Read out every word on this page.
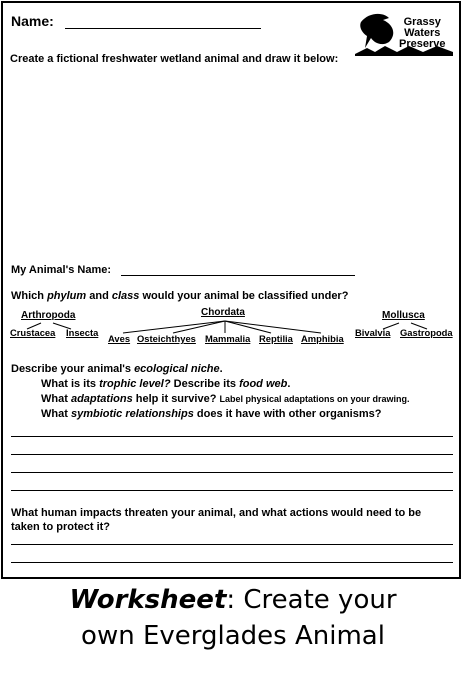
Name:	Grassy
Waters
Preserve
Create a fictional freshwater wetland animal and draw it below:
My Animal's Name:
Which phylum and class would your animal be classified under?
Arthropoda
Crustacea Insecta
Chordata
Aves Osteichthyes Mammalia Reptilia Amphibia
Mollusca
Bivalvia Gastropoda
Describe your animal's ecological niche.
What is its trophic level? Describe its food web.
What adaptations help it survive? Label physical adaptations on your drawing.
What symbiotic relationships does it have with other organisms?
What human impacts threaten your animal, and what actions would need to be
taken to protect it?
Worksheet: Create your
own Everglades Animal
